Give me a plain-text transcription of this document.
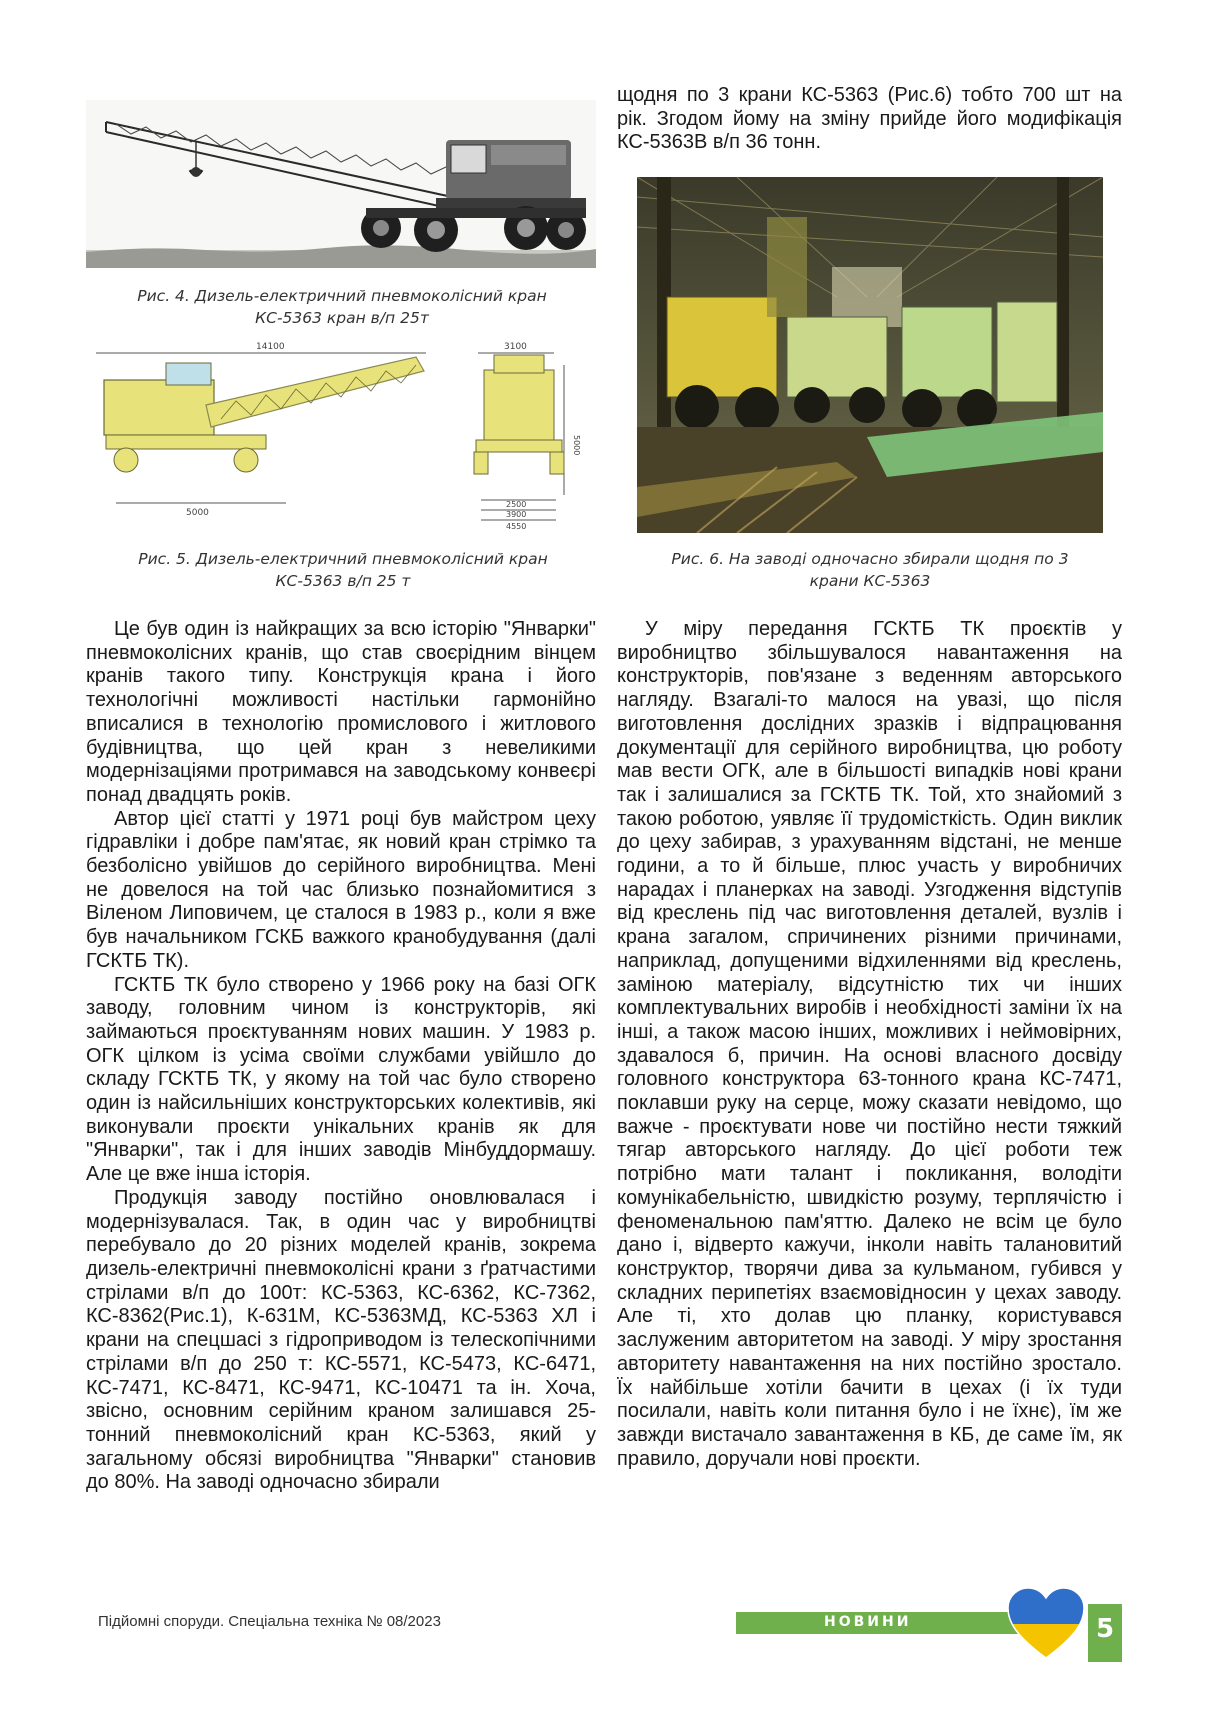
Рис. 4. Дизель-електричний пневмоколісний кран КС-5363 кран в/п 25т
14100	3100
5000
2500
3900
4550
5000
Рис. 5. Дизель-електричний пневмоколісний кран КС-5363 в/п 25 т

щодня по 3 крани КС-5363 (Рис.6) тобто 700 шт на рік. Згодом йому на зміну прийде його модифікація КС-5363В в/п 36 тонн.

Рис. 6. На заводі одночасно збирали щодня по 3 крани КС-5363

Це був один із найкращих за всю історію "Январки" пневмоколісних кранів, що став своєрідним вінцем кранів такого типу. Конструкція крана і його технологічні можливості настільки гармонійно вписалися в технологію промислового і житлового будівництва, що цей кран з невеликими модернізаціями протримався на заводському конвеєрі понад двадцять років.

Автор цієї статті у 1971 році був майстром цеху гідравліки і добре пам'ятає, як новий кран стрімко та безболісно увійшов до серійного виробництва. Мені не довелося на той час близько познайомитися з Віленом Липовичем, це сталося в 1983 р., коли я вже був начальником ГСКБ важкого кранобудування (далі ГСКТБ ТК).

ГСКТБ ТК було створено у 1966 року на базі ОГК заводу, головним чином із конструкторів, які займаються проєктуванням нових машин. У 1983 р. ОГК цілком із усіма своїми службами увійшло до складу ГСКТБ ТК, у якому на той час було створено один із найсильніших конструкторських колективів, які виконували проєкти унікальних кранів як для "Январки", так і для інших заводів Мінбуддормашу. Але це вже інша історія.

Продукція заводу постійно оновлювалася і модернізувалася. Так, в один час у виробництві перебувало до 20 різних моделей кранів, зокрема дизель-електричні пневмоколісні крани з ґратчастими стрілами в/п до 100т: КС-5363, КС-6362, КС-7362, КС-8362(Рис.1), К-631М, КС-5363МД, КС-5363 ХЛ і крани на спецшасі з гідроприводом із телескопічними стрілами в/п до 250 т: КС-5571, КС-5473, КС-6471, КС-7471, КС-8471, КС-9471, КС-10471 та ін. Хоча, звісно, основним серійним краном залишався 25-тонний пневмоколісний кран КС-5363, який у загальному обсязі виробництва "Январки" становив до 80%. На заводі одночасно збирали

У міру передання ГСКТБ ТК проєктів у виробництво збільшувалося навантаження на конструкторів, пов'язане з веденням авторського нагляду. Взагалі-то малося на увазі, що після виготовлення дослідних зразків і відпрацювання документації для серійного виробництва, цю роботу мав вести ОГК, але в більшості випадків нові крани так і залишалися за ГСКТБ ТК. Той, хто знайомий з такою роботою, уявляє її трудомісткість. Один виклик до цеху забирав, з урахуванням відстані, не менше години, а то й більше, плюс участь у виробничих нарадах і планерках на заводі. Узгодження відступів від креслень під час виготовлення деталей, вузлів і крана загалом, спричинених різними причинами, наприклад, допущеними відхиленнями від креслень, заміною матеріалу, відсутністю тих чи інших комплектувальних виробів і необхідності заміни їх на інші, а також масою інших, можливих і неймовірних, здавалося б, причин. На основі власного досвіду головного конструктора 63-тонного крана КС-7471, поклавши руку на серце, можу сказати невідомо, що важче - проєктувати нове чи постійно нести тяжкий тягар авторського нагляду. До цієї роботи теж потрібно мати талант і покликання, володіти комунікабельністю, швидкістю розуму, терплячістю і феноменальною пам'яттю. Далеко не всім це було дано і, відверто кажучи, інколи навіть талановитий конструктор, творячи дива за кульманом, губився у складних перипетіях взаємовідносин у цехах заводу. Але ті, хто долав цю планку, користувався заслуженим авторитетом на заводі. У міру зростання авторитету навантаження на них постійно зростало. Їх найбільше хотіли бачити в цехах (і їх туди посилали, навіть коли питання було і не їхнє), їм же завжди вистачало завантаження в КБ, де саме їм, як правило, доручали нові проєкти.

Підйомні споруди. Спеціальна техніка № 08/2023	НОВИНИ	5
